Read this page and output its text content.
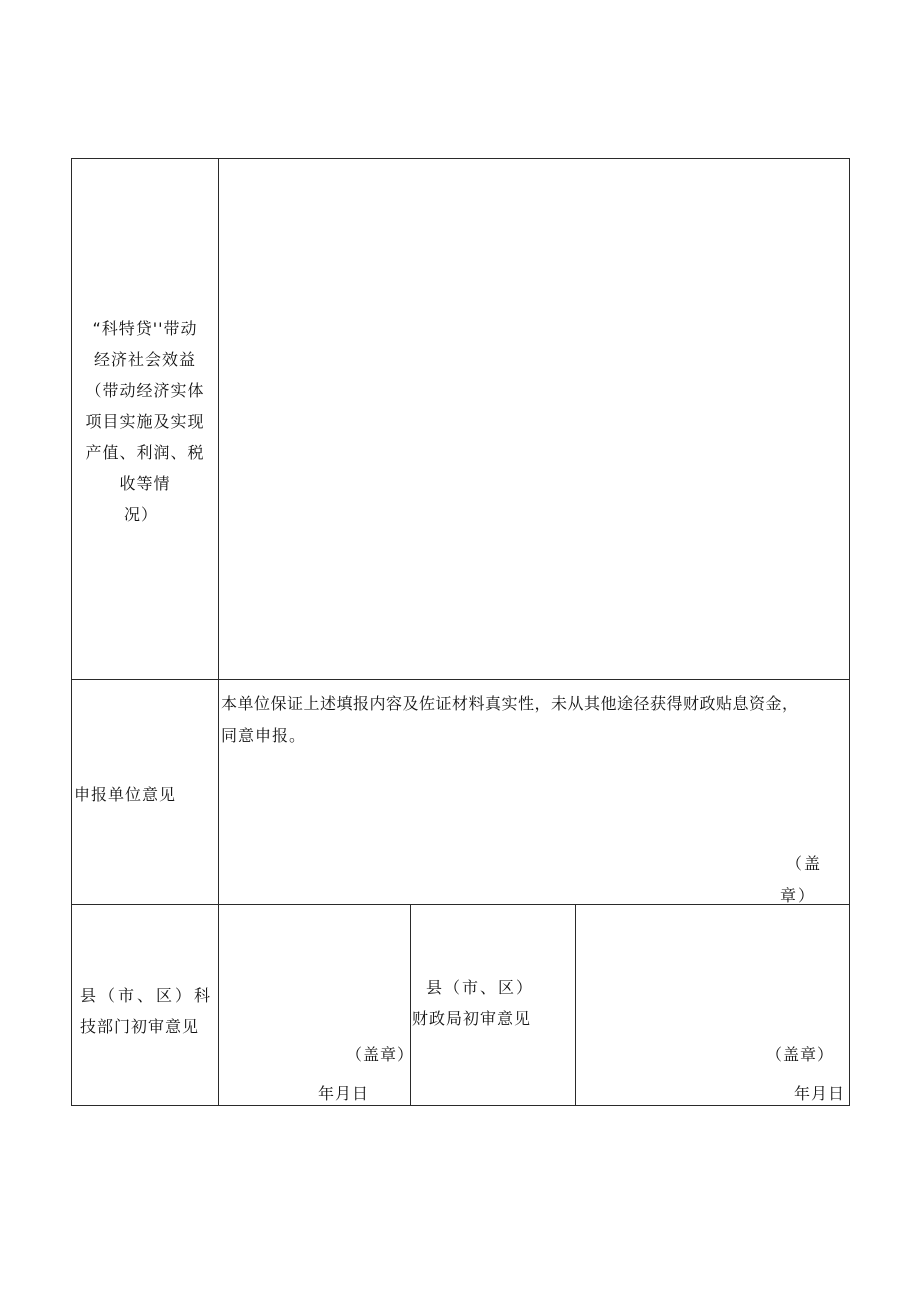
“科特贷''带动
经济社会效益
（带动经济实体
项目实施及实现
产值、利润、税
收等情
况）
申报单位意见
本单位保证上述填报内容及佐证材料真实性，未从其他途径获得财政贴息资金，
同意申报。
（盖
章）
县（市、区）科
技部门初审意见
（盖章）
年月日
县（市、区）
财政局初审意见
（盖章）
年月日
